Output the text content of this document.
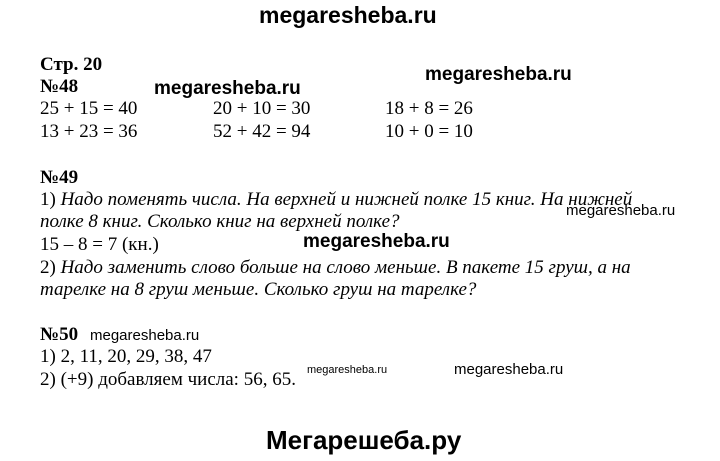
megaresheba.ru
Стр. 20
megaresheba.ru
megaresheba.ru
№48
25 + 15 = 40
13 + 23 = 36
20 + 10 = 30
52 + 42 = 94
18 + 8 = 26
10 + 0 = 10
№49
1) Надо поменять числа. На верхней и нижней полке 15 книг. На нижней
полке 8 книг. Сколько книг на верхней полке?
megaresheba.ru
15 – 8 = 7 (кн.)	megaresheba.ru
2) Надо заменить слово больше на слово меньше. В пакете 15 груш, а на
тарелке на 8 груш меньше. Сколько груш на тарелке?
№50 megaresheba.ru
1) 2, 11, 20, 29, 38, 47
2) (+9) добавляем числа: 56, 65. megaresheba.ru	megaresheba.ru
Мегарешеба.ру
